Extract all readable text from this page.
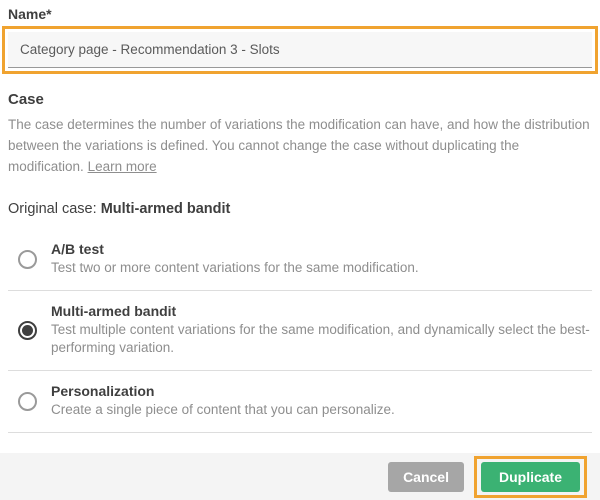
Name*
Category page - Recommendation 3 - Slots
Case

The case determines the number of variations the modification can have, and how the distribution between the variations is defined. You cannot change the case without duplicating the modification. Learn more

Original case: Multi-armed bandit

A/B test
Test two or more content variations for the same modification.
Multi-armed bandit
Test multiple content variations for the same modification, and dynamically select the best-performing variation.
Personalization
Create a single piece of content that you can personalize.
Cancel	Duplicate
